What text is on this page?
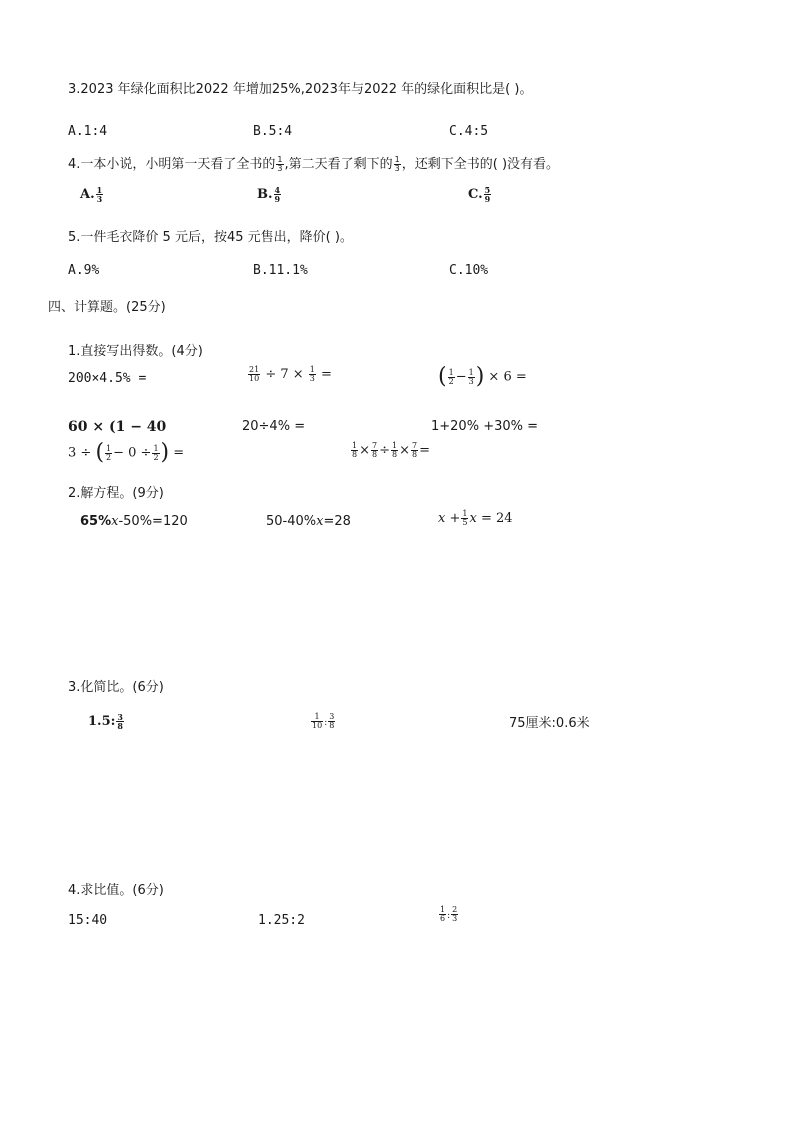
3.2023 年绿化面积比2022 年增加25%,2023年与2022 年的绿化面积比是( )。
A.1:4	B.5:4	C.4:5
4.一本小说，小明第一天看了全书的 $\frac{1}{3}$ ,第二天看了剩下的 $\frac{1}{3}$ ，还剩下全书的( )没有看。
A. $\frac{1}{3}$	B. $\frac{4}{9}$	C. $\frac{5}{9}$
5.一件毛衣降价 5 元后，按45 元售出，降价( )。
A.9%	B.11.1%	C.10%
四、计算题。(25分)
1.直接写出得数。(4分)
200×4.5% =	$\frac{21}{10} \div 7 \times \frac{1}{3}$ =	( $\frac{1}{2} - \frac{1}{3}$ ) × 6 =
60 × (1 − 40	20÷4% =	1+20% +30% =
3 ÷ ( $\frac{1}{2} - 0 \div \frac{1}{2}$ ) =	$\frac{1}{8} \times \frac{7}{8} \div \frac{1}{8} \times \frac{7}{8}$ =
2.解方程。(9分)
65%x-50%=120	50-40%x=28	$x + \frac{1}{5}$ x = 24
3.化简比。(6分)
1.5: $\frac{3}{8}$	$\frac{1}{10}$ : $\frac{3}{8}$	75厘米:0.6米
4.求比值。(6分)
15:40	1.25:2	$\frac{1}{6}$ : $\frac{2}{3}$
